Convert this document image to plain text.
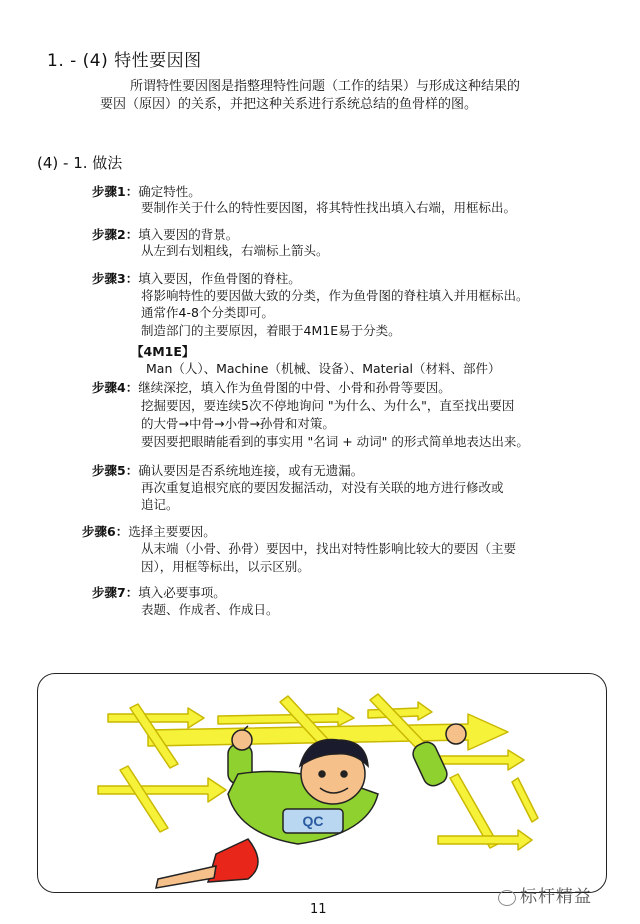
1. - (4) 特性要因图
所谓特性要因图是指整理特性问题（工作的结果）与形成这种结果的
要因（原因）的关系，并把这种关系进行系统总结的鱼骨样的图。
(4) - 1. 做法
步骤1：确定特性。
要制作关于什么的特性要因图，将其特性找出填入右端，用框标出。
步骤2：填入要因的背景。
从左到右划粗线，右端标上箭头。
步骤3：填入要因，作鱼骨图的脊柱。
将影响特性的要因做大致的分类，作为鱼骨图的脊柱填入并用框标出。
通常作4-8个分类即可。
制造部门的主要原因，着眼于4M1E易于分类。
【4M1E】
Man（人）、Machine（机械、设备）、Material（材料、部件）
步骤4：继续深挖，填入作为鱼骨图的中骨、小骨和孙骨等要因。
挖掘要因，要连续5次不停地询问 "为什么、为什么"，直至找出要因
的大骨→中骨→小骨→孙骨和对策。
要因要把眼睛能看到的事实用 "名词 + 动词" 的形式简单地表达出来。
步骤5：确认要因是否系统地连接，或有无遗漏。
再次重复追根究底的要因发掘活动，对没有关联的地方进行修改或
追记。
步骤6：选择主要要因。
从末端（小骨、孙骨）要因中，找出对特性影响比较大的要因（主要
因），用框等标出，以示区别。
步骤7：填入必要事项。
表题、作成者、作成日。
QC
11
标杆精益
